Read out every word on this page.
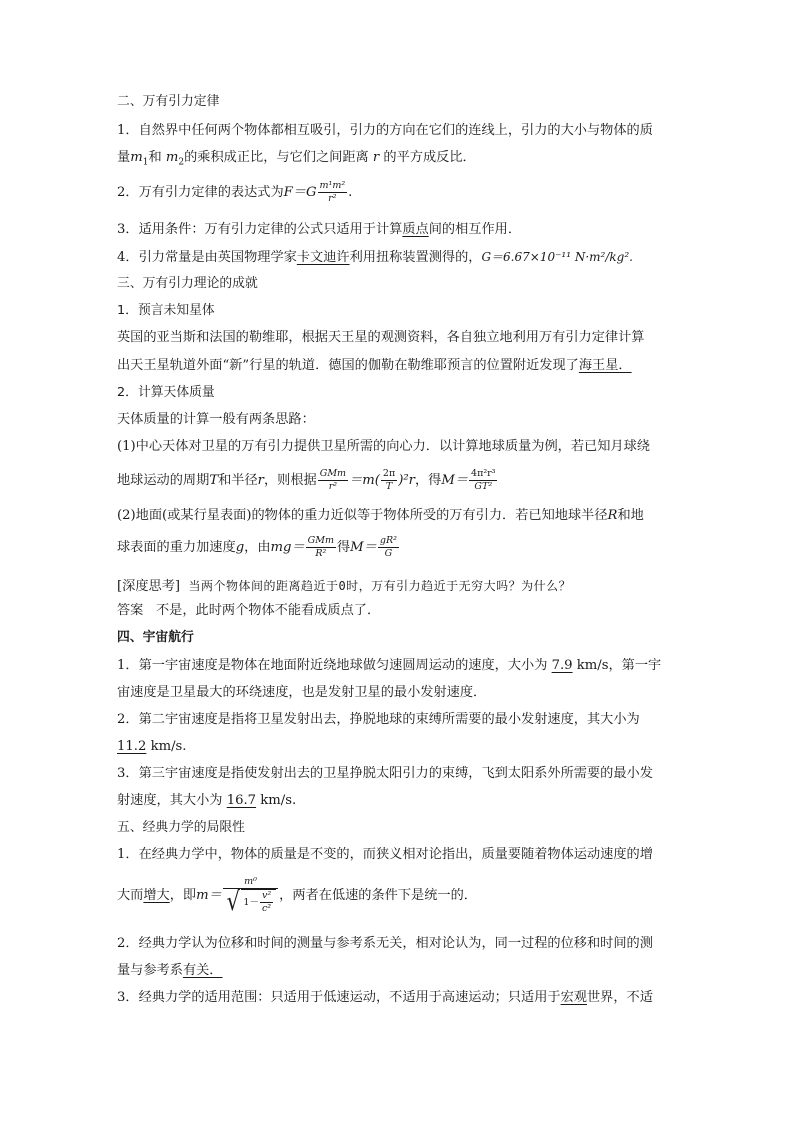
二、万有引力定律
1．自然界中任何两个物体都相互吸引，引力的方向在它们的连线上，引力的大小与物体的质
量$m_1$和 $m_2$的乘积成正比，与它们之间距离 r 的平方成反比．
2．万有引力定律的表达式为$F=G \frac{\text{m¹m²}}{\text{r²}}$ .
3．适用条件：万有引力定律的公式只适用于计算质点间的相互作用．
4．引力常量是由英国物理学家卡文迪许利用扭称装置测得的，G＝6.67×10⁻¹¹ N·m²/kg².
三、万有引力理论的成就
1．预言未知星体
英国的亚当斯和法国的勒维耶，根据天王星的观测资料，各自独立地利用万有引力定律计算
出天王星轨道外面“新”行星的轨道．德国的伽勒在勒维耶预言的位置附近发现了海王星．
2．计算天体质量
天体质量的计算一般有两条思路：
(1)中心天体对卫星的万有引力提供卫星所需的向心力．以计算地球质量为例，若已知月球绕
地球运动的周期T和半径r，则根据 $\frac{\text{GMm}}{\text{r²}} =m( \frac{2\pi}{T} )^2r$，得$M= \frac{\text{4π²r³}}{\text{GT²}}$
(2)地面(或某行星表面)的物体的重力近似等于物体所受的万有引力．若已知地球半径R和地
球表面的重力加速度g，由$mg= \frac{\text{GMm}}{\text{R²}}$ 得$M= \frac{\text{gR²}}{G}$
[深度思考] 当两个物体间的距离趋近于0时，万有引力趋近于无穷大吗？为什么？
答案 不是，此时两个物体不能看成质点了．
四、宇宙航行
1．第一宇宙速度是物体在地面附近绕地球做匀速圆周运动的速度，大小为 7.9 km/s，第一宇
宙速度是卫星最大的环绕速度，也是发射卫星的最小发射速度．
2．第二宇宙速度是指将卫星发射出去，挣脱地球的束缚所需要的最小发射速度，其大小为
11.2 km/s.
3．第三宇宙速度是指使发射出去的卫星挣脱太阳引力的束缚，飞到太阳系外所需要的最小发
射速度，其大小为 16.7 km/s.
五、经典力学的局限性
1．在经典力学中，物体的质量是不变的，而狭义相对论指出，质量要随着物体运动速度的增
大而增大，即$m= \frac{\text{m⁰}}{√ 1- \frac{\text{v²}}{\text{c²}}}$ ，两者在低速的条件下是统一的．
2．经典力学认为位移和时间的测量与参考系无关，相对论认为，同一过程的位移和时间的测
量与参考系有关．
3．经典力学的适用范围：只适用于低速运动，不适用于高速运动；只适用于宏观世界，不适
